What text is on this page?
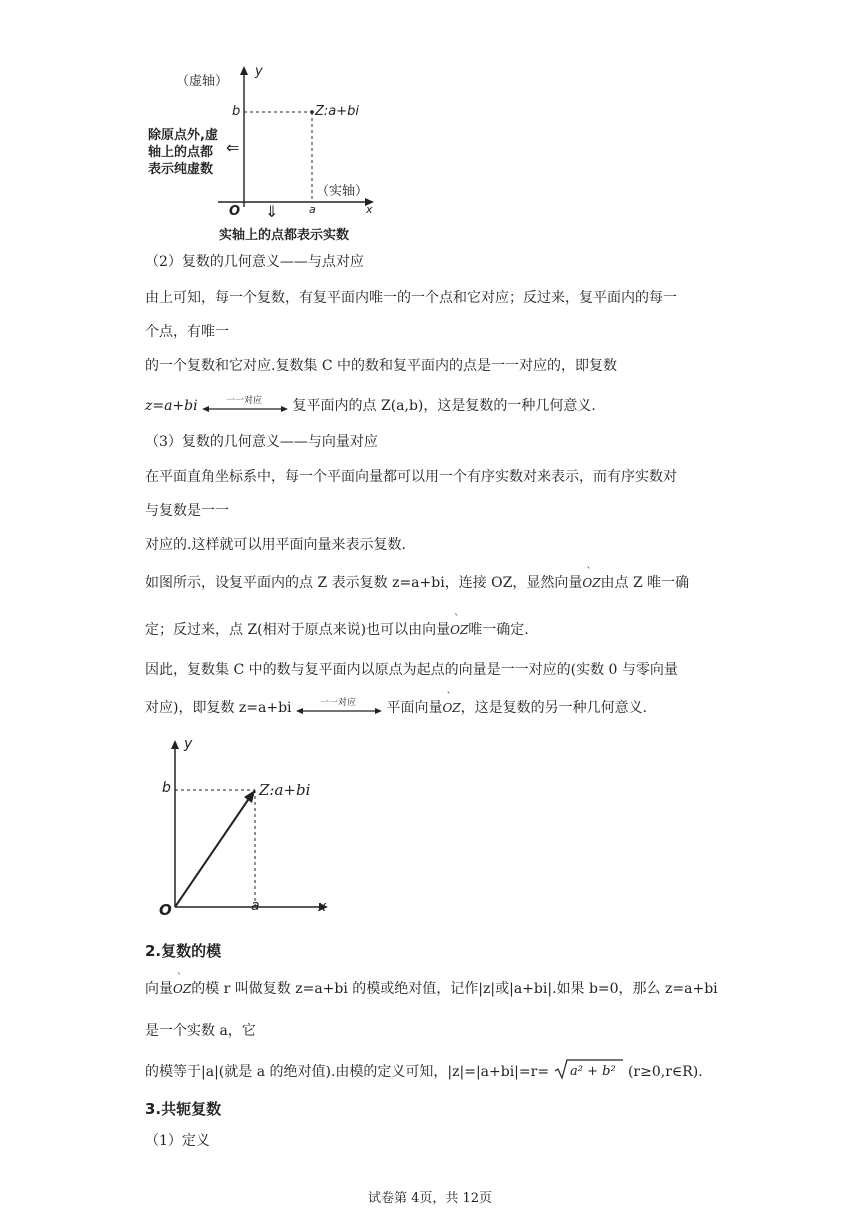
（虚轴）
y
b	Z:a+bi
除原点外,虚
轴上的点都
表示纯虚数
⇐
（实轴）
O ⇓	a	x
实轴上的点都表示实数
（2）复数的几何意义——与点对应
由上可知，每一个复数，有复平面内唯一的一个点和它对应；反过来，复平面内的每一
个点，有唯一
的一个复数和它对应.复数集 C 中的数和复平面内的点是一一对应的，即复数
z=a+bi	一一对应 复平面内的点 Z(a,b)，这是复数的一种几何意义.
（3）复数的几何意义——与向量对应
在平面直角坐标系中，每一个平面向量都可以用一个有序实数对来表示，而有序实数对
与复数是一一
对应的.这样就可以用平面向量来表示复数.
如图所示，设复平面内的点 Z 表示复数 z=a+bi，连接 OZ，显然向量OZ
ˋ
由点 Z 唯一确
定；反过来，点 Z(相对于原点来说)也可以由向量OZ
ˋ
唯一确定.
因此，复数集 C 中的数与复平面内以原点为起点的向量是一一对应的(实数 0 与零向量
对应)，即复数 z=a+bi	一一对应 平面向量OZ
ˋ
，这是复数的另一种几何意义.
y
b	Z:a+bi
O	a	x
2.复数的模
向量OZ
ˋ
的模 r 叫做复数 z=a+bi 的模或绝对值，记作|z|或|a+bi|.如果 b=0，那么 z=a+bi
是一个实数 a，它
的模等于|a|(就是 a 的绝对值).由模的定义可知，|z|=|a+bi|=r= a² + b² (r≥0,r∈R).
3.共轭复数
（1）定义
试卷第 4页，共 12页
